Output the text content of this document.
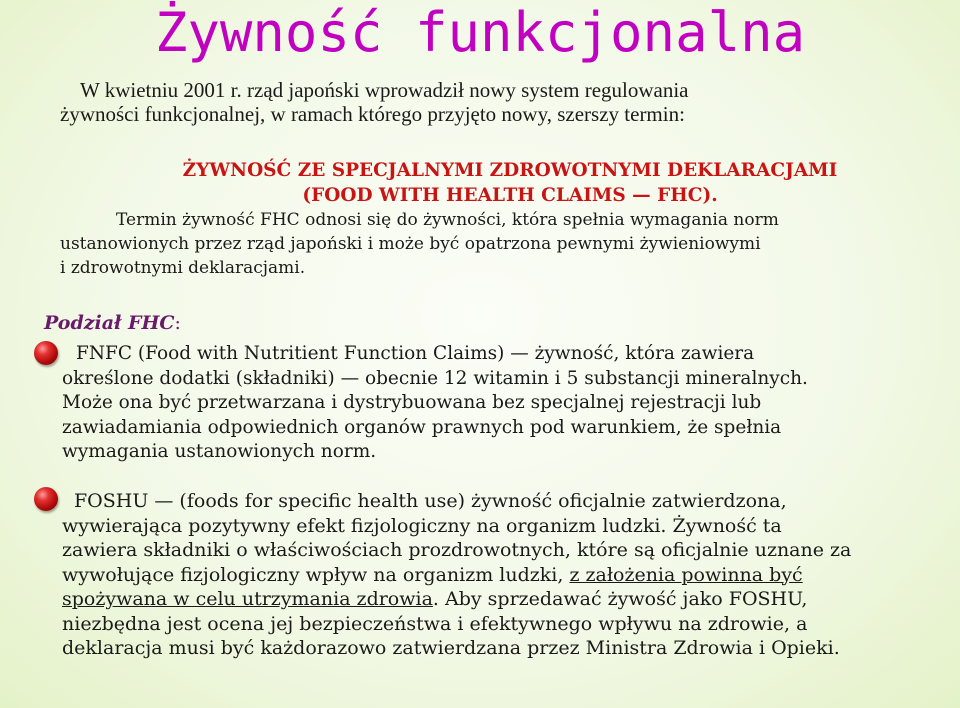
Żywność funkcjonalna
W kwietniu 2001 r. rząd japoński wprowadził nowy system regulowania
żywności funkcjonalnej, w ramach którego przyjęto nowy, szerszy termin:
ŻYWNOŚĆ ZE SPECJALNYMI ZDROWOTNYMI DEKLARACJAMI
(FOOD WITH HEALTH CLAIMS — FHC).
Termin żywność FHC odnosi się do żywności, która spełnia wymagania norm
ustanowionych przez rząd japoński i może być opatrzona pewnymi żywieniowymi
i zdrowotnymi deklaracjami.
Podział FHC:
FNFC (Food with Nutritient Function Claims) — żywność, która zawiera
określone dodatki (składniki) — obecnie 12 witamin i 5 substancji mineralnych.
Może ona być przetwarzana i dystrybuowana bez specjalnej rejestracji lub
zawiadamiania odpowiednich organów prawnych pod warunkiem, że spełnia
wymagania ustanowionych norm.
FOSHU — (foods for specific health use) żywność oficjalnie zatwierdzona,
wywierająca pozytywny efekt fizjologiczny na organizm ludzki. Żywność ta
zawiera składniki o właściwościach prozdrowotnych, które są oficjalnie uznane za
wywołujące fizjologiczny wpływ na organizm ludzki, z założenia powinna być
spożywana w celu utrzymania zdrowia. Aby sprzedawać żywość jako FOSHU,
niezbędna jest ocena jej bezpieczeństwa i efektywnego wpływu na zdrowie, a
deklaracja musi być każdorazowo zatwierdzana przez Ministra Zdrowia i Opieki.
